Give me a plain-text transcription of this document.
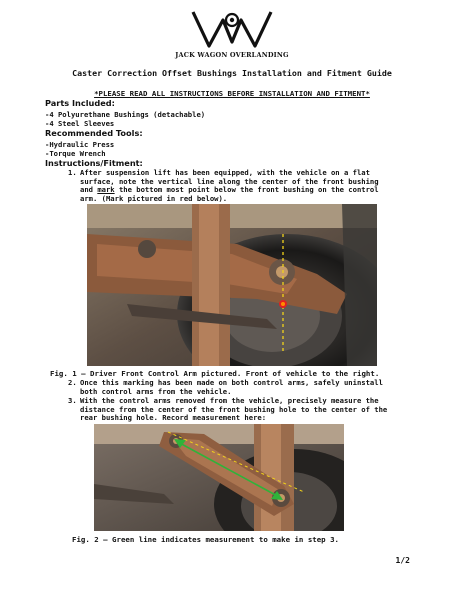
JACK WAGON OVERLANDING
Caster Correction Offset Bushings Installation and Fitment Guide
*PLEASE READ ALL INSTRUCTIONS BEFORE INSTALLATION AND FITMENT*
Parts Included:
-4 Polyurethane Bushings (detachable)
-4 Steel Sleeves
Recommended Tools:
-Hydraulic Press
-Torque Wrench
Instructions/Fitment:
1. After suspension lift has been equipped, with the vehicle on a flat
surface, note the vertical line along the center of the front bushing
and mark the bottom most point below the front bushing on the control
arm. (Mark pictured in red below).
Fig. 1 – Driver Front Control Arm pictured. Front of vehicle to the right.
2. Once this marking has been made on both control arms, safely uninstall
both control arms from the vehicle.
3. With the control arms removed from the vehicle, precisely measure the
distance from the center of the front bushing hole to the center of the
rear bushing hole. Record measurement here:
Fig. 2 – Green line indicates measurement to make in step 3.
1/2
